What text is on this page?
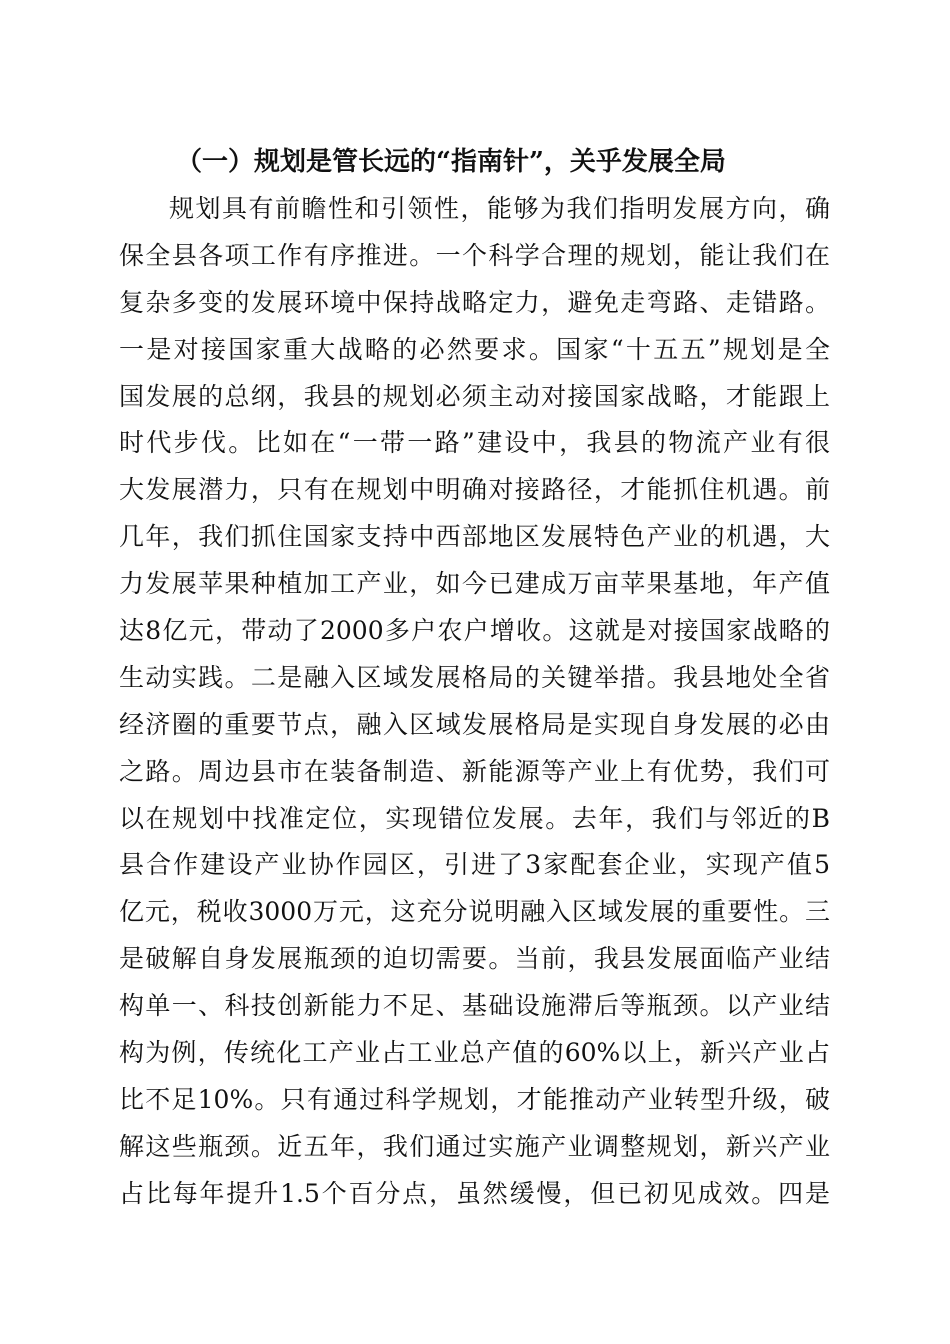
（一）规划是管长远的“指南针”，关乎发展全局
规划具有前瞻性和引领性，能够为我们指明发展方向，确
保全县各项工作有序推进。一个科学合理的规划，能让我们在
复杂多变的发展环境中保持战略定力，避免走弯路、走错路。
一是对接国家重大战略的必然要求。国家“十五五”规划是全
国发展的总纲，我县的规划必须主动对接国家战略，才能跟上
时代步伐。比如在“一带一路”建设中，我县的物流产业有很
大发展潜力，只有在规划中明确对接路径，才能抓住机遇。前
几年，我们抓住国家支持中西部地区发展特色产业的机遇，大
力发展苹果种植加工产业，如今已建成万亩苹果基地，年产值
达8亿元，带动了2000多户农户增收。这就是对接国家战略的
生动实践。二是融入区域发展格局的关键举措。我县地处全省
经济圈的重要节点，融入区域发展格局是实现自身发展的必由
之路。周边县市在装备制造、新能源等产业上有优势，我们可
以在规划中找准定位，实现错位发展。去年，我们与邻近的B
县合作建设产业协作园区，引进了3家配套企业，实现产值5
亿元，税收3000万元，这充分说明融入区域发展的重要性。三
是破解自身发展瓶颈的迫切需要。当前，我县发展面临产业结
构单一、科技创新能力不足、基础设施滞后等瓶颈。以产业结
构为例，传统化工产业占工业总产值的60%以上，新兴产业占
比不足10%。只有通过科学规划，才能推动产业转型升级，破
解这些瓶颈。近五年，我们通过实施产业调整规划，新兴产业
占比每年提升1.5个百分点，虽然缓慢，但已初见成效。四是
